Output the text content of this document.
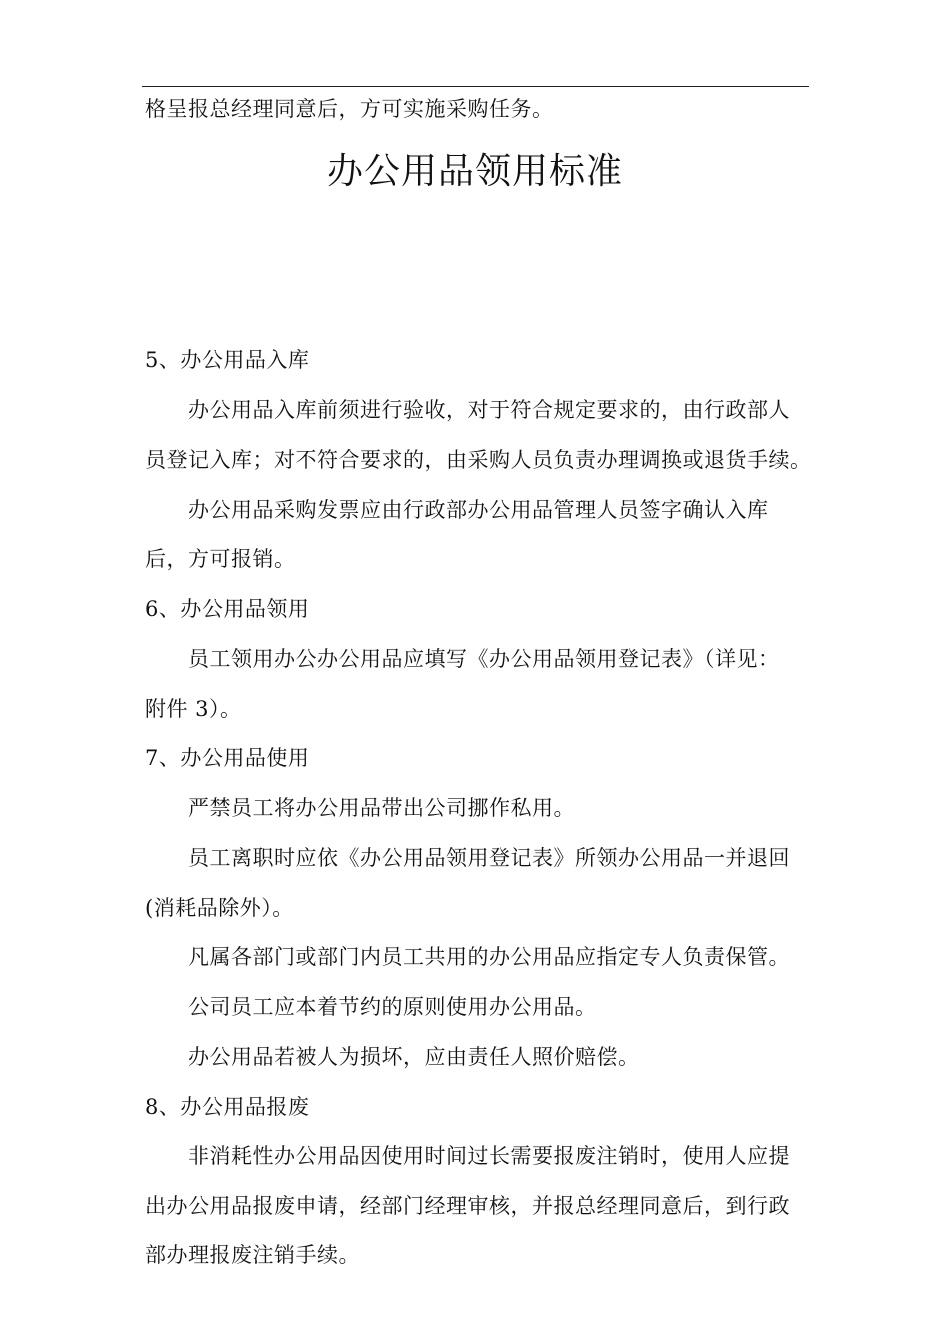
格呈报总经理同意后，方可实施采购任务。
办公用品领用标准
5、办公用品入库
办公用品入库前须进行验收，对于符合规定要求的，由行政部人
员登记入库；对不符合要求的，由采购人员负责办理调换或退货手续。
办公用品采购发票应由行政部办公用品管理人员签字确认入库
后，方可报销。
6、办公用品领用
员工领用办公办公用品应填写《办公用品领用登记表》（详见：
附件 3）。
7、办公用品使用
严禁员工将办公用品带出公司挪作私用。
员工离职时应依《办公用品领用登记表》所领办公用品一并退回
(消耗品除外）。
凡属各部门或部门内员工共用的办公用品应指定专人负责保管。
公司员工应本着节约的原则使用办公用品。
办公用品若被人为损坏，应由责任人照价赔偿。
8、办公用品报废
非消耗性办公用品因使用时间过长需要报废注销时，使用人应提
出办公用品报废申请，经部门经理审核，并报总经理同意后，到行政
部办理报废注销手续。
